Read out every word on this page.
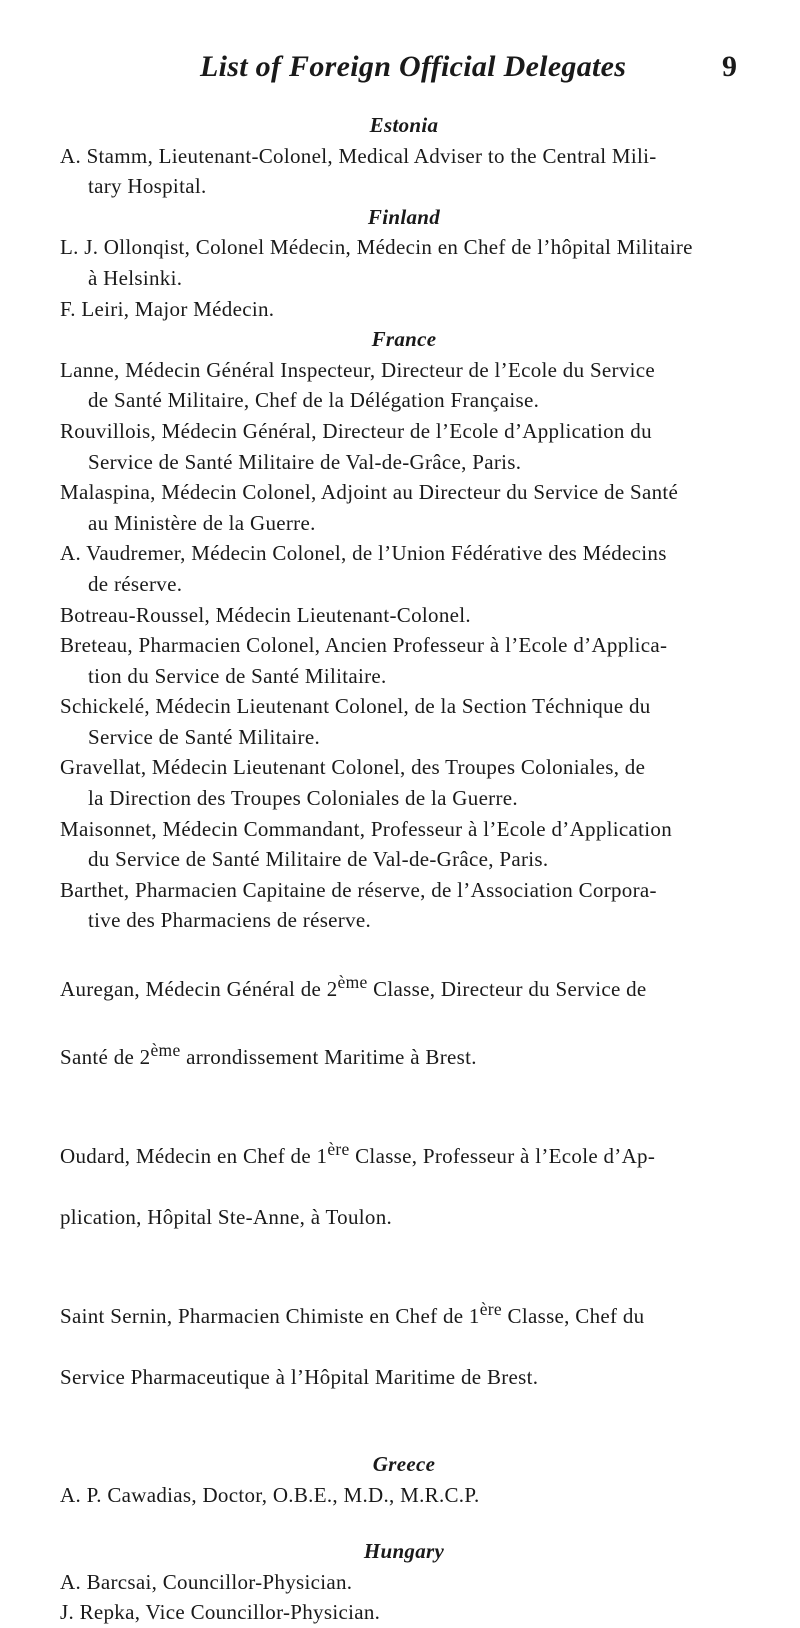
List of Foreign Official Delegates	9
Estonia
A. Stamm, Lieutenant-Colonel, Medical Adviser to the Central Mili-
tary Hospital.
Finland
L. J. Ollonqist, Colonel Médecin, Médecin en Chef de l’hôpital Militaire
à Helsinki.
F. Leiri, Major Médecin.
France
Lanne, Médecin Général Inspecteur, Directeur de l’Ecole du Service
de Santé Militaire, Chef de la Délégation Française.
Rouvillois, Médecin Général, Directeur de l’Ecole d’Application du
Service de Santé Militaire de Val-de-Grâce, Paris.
Malaspina, Médecin Colonel, Adjoint au Directeur du Service de Santé
au Ministère de la Guerre.
A. Vaudremer, Médecin Colonel, de l’Union Fédérative des Médecins
de réserve.
Botreau-Roussel, Médecin Lieutenant-Colonel.
Breteau, Pharmacien Colonel, Ancien Professeur à l’Ecole d’Applica-
tion du Service de Santé Militaire.
Schickelé, Médecin Lieutenant Colonel, de la Section Téchnique du
Service de Santé Militaire.
Gravellat, Médecin Lieutenant Colonel, des Troupes Coloniales, de
la Direction des Troupes Coloniales de la Guerre.
Maisonnet, Médecin Commandant, Professeur à l’Ecole d’Application
du Service de Santé Militaire de Val-de-Grâce, Paris.
Barthet, Pharmacien Capitaine de réserve, de l’Association Corpora-
tive des Pharmaciens de réserve.

Auregan, Médecin Général de 2ème Classe, Directeur du Service de

Santé de 2ème arrondissement Maritime à Brest.

Oudard, Médecin en Chef de 1ère Classe, Professeur à l’Ecole d’Ap-

plication, Hôpital Ste-Anne, à Toulon.

Saint Sernin, Pharmacien Chimiste en Chef de 1ère Classe, Chef du

Service Pharmaceutique à l’Hôpital Maritime de Brest.

Greece
A. P. Cawadias, Doctor, O.B.E., M.D., M.R.C.P.
Hungary
A. Barcsai, Councillor-Physician.
J. Repka, Vice Councillor-Physician.
